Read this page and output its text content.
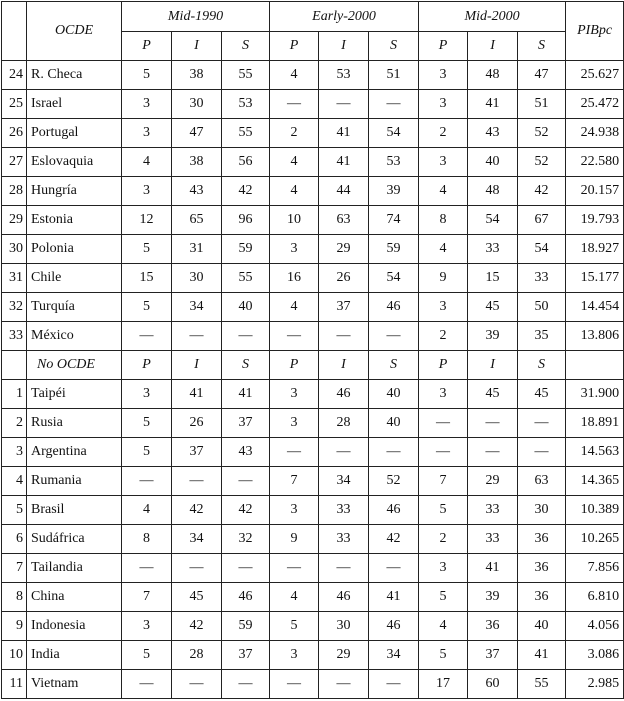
	OCDE	Mid-1990			Early-2000			Mid-2000			PIBpc
		P	I	S	P	I	S	P	I	S	
24	R. Checa	5	38	55	4	53	51	3	48	47	25.627
25	Israel	3	30	53	—	—	—	3	41	51	25.472
26	Portugal	3	47	55	2	41	54	2	43	52	24.938
27	Eslovaquia	4	38	56	4	41	53	3	40	52	22.580
28	Hungría	3	43	42	4	44	39	4	48	42	20.157
29	Estonia	12	65	96	10	63	74	8	54	67	19.793
30	Polonia	5	31	59	3	29	59	4	33	54	18.927
31	Chile	15	30	55	16	26	54	9	15	33	15.177
32	Turquía	5	34	40	4	37	46	3	45	50	14.454
33	México	—	—	—	—	—	—	2	39	35	13.806
	No OCDE	P	I	S	P	I	S	P	I	S	
1	Taipéi	3	41	41	3	46	40	3	45	45	31.900
2	Rusia	5	26	37	3	28	40	—	—	—	18.891
3	Argentina	5	37	43	—	—	—	—	—	—	14.563
4	Rumania	—	—	—	7	34	52	7	29	63	14.365
5	Brasil	4	42	42	3	33	46	5	33	30	10.389
6	Sudáfrica	8	34	32	9	33	42	2	33	36	10.265
7	Tailandia	—	—	—	—	—	—	3	41	36	7.856
8	China	7	45	46	4	46	41	5	39	36	6.810
9	Indonesia	3	42	59	5	30	46	4	36	40	4.056
10	India	5	28	37	3	29	34	5	37	41	3.086
11	Vietnam	—	—	—	—	—	—	17	60	55	2.985
